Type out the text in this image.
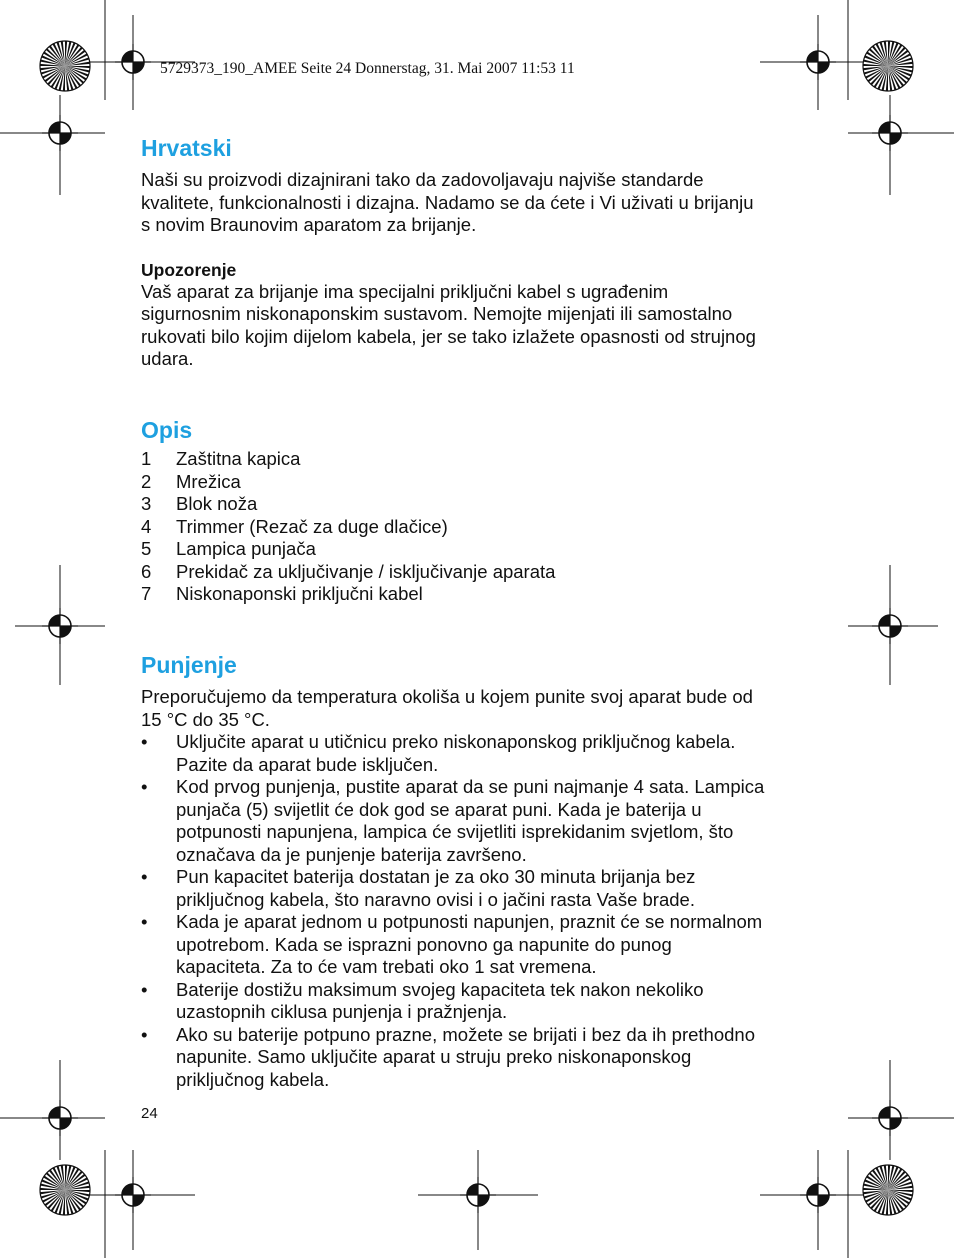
5729373_190_AMEE Seite 24 Donnerstag, 31. Mai 2007 11:53 11
Hrvatski

Naši su proizvodi dizajnirani tako da zadovoljavaju najviše standarde
kvalitete, funkcionalnosti i dizajna. Nadamo se da ćete i Vi uživati u brijanju
s novim Braunovim aparatom za brijanje.

Upozorenje

Vaš aparat za brijanje ima specijalni priključni kabel s ugrađenim
sigurnosnim niskonaponskim sustavom. Nemojte mijenjati ili samostalno
rukovati bilo kojim dijelom kabela, jer se tako izlažete opasnosti od strujnog
udara.

Opis
1	Zaštitna kapica
2	Mrežica
3	Blok noža
4	Trimmer (Rezač za duge dlačice)
5	Lampica punjača
6	Prekidač za uključivanje / isključivanje aparata
7	Niskonaponski priključni kabel
Punjenje

Preporučujemo da temperatura okoliša u kojem punite svoj aparat bude od
15 °C do 35 °C.

•	Uključite aparat u utičnicu preko niskonaponskog priključnog kabela.
Pazite da aparat bude isključen.
•	Kod prvog punjenja, pustite aparat da se puni najmanje 4 sata. Lampica
punjača (5) svijetlit će dok god se aparat puni. Kada je baterija u
potpunosti napunjena, lampica će svijetliti isprekidanim svjetlom, što
označava da je punjenje baterija završeno.
•	Pun kapacitet baterija dostatan je za oko 30 minuta brijanja bez
priključnog kabela, što naravno ovisi i o jačini rasta Vaše brade.
•	Kada je aparat jednom u potpunosti napunjen, praznit će se normalnom
upotrebom. Kada se isprazni ponovno ga napunite do punog
kapaciteta. Za to će vam trebati oko 1 sat vremena.
•	Baterije dostižu maksimum svojeg kapaciteta tek nakon nekoliko
uzastopnih ciklusa punjenja i pražnjenja.
•	Ako su baterije potpuno prazne, možete se brijati i bez da ih prethodno
napunite. Samo uključite aparat u struju preko niskonaponskog
priključnog kabela.
24
